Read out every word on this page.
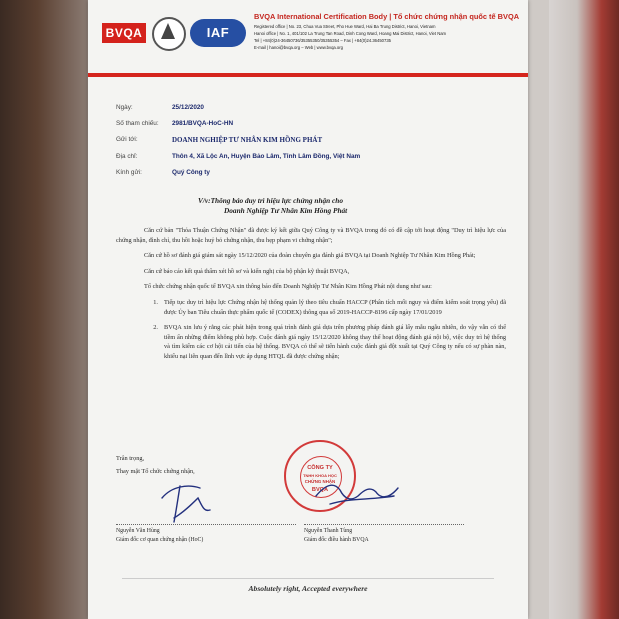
BVQA	IAF
BVQA International Certification Body | Tổ chức chứng nhận quốc tế BVQA
Registered office | No. 23, Chua Vua Street, Pho Hue Ward, Hai Ba Trung District, Hanoi, Vietnam
Hanoi office | No. 1, 401/102 La Trung Tan Road, Dinh Cong Ward, Hoang Mai District, Hanoi, Viet Nam
Tel | +84(0)24-36450736/35355350/35355354 – Fax | +84(0)24.36450735
E-mail | hanoi@bvqa.org – Web | www.bvqa.org
Ngày:	25/12/2020
Số tham chiếu:	2981/BVQA-HoC-HN
Gửi tới:	DOANH NGHIỆP TƯ NHÂN KIM HỒNG PHÁT
Địa chỉ:	Thôn 4, Xã Lộc An, Huyện Bảo Lâm, Tỉnh Lâm Đồng, Việt Nam
Kính gửi:	Quý Công ty
V/v:Thông báo duy trì hiệu lực chứng nhận cho
Doanh Nghiệp Tư Nhân Kim Hồng Phát

Căn cứ bản "Thỏa Thuận Chứng Nhận" đã được ký kết giữa Quý Công ty và BVQA trong đó có đề cập tới hoạt động "Duy trì hiệu lực của chứng nhận, đình chỉ, thu hồi hoặc huỷ bỏ chứng nhận, thu hẹp phạm vi chứng nhận";

Căn cứ hồ sơ đánh giá giám sát ngày 15/12/2020 của đoàn chuyên gia đánh giá BVQA tại Doanh Nghiệp Tư Nhân Kim Hồng Phát;

Căn cứ báo cáo kết quả thẩm xét hồ sơ và kiến nghị của bộ phận kỹ thuật BVQA,

Tổ chức chứng nhận quốc tế BVQA xin thông báo đến Doanh Nghiệp Tư Nhân Kim Hồng Phát nội dung như sau:

1. Tiếp tục duy trì hiệu lực Chứng nhận hệ thống quản lý theo tiêu chuẩn HACCP (Phân tích mối nguy và điểm kiểm soát trọng yếu) đã được Ủy ban Tiêu chuẩn thực phẩm quốc tế (CODEX) thông qua số 2019-HACCP-8196 cấp ngày 17/01/2019
2. BVQA xin lưu ý rằng các phát hiện trong quá trình đánh giá dựa trên phương pháp đánh giá lấy mẫu ngẫu nhiên, do vậy vẫn có thể tiềm ẩn những điểm không phù hợp. Cuộc đánh giá ngày 15/12/2020 không thay thế hoạt động đánh giá nội bộ, việc duy trì hệ thống và tìm kiếm các cơ hội cải tiến của hệ thống. BVQA có thể sẽ tiến hành cuộc đánh giá đột xuất tại Quý Công ty nếu có sự phàn nàn, khiếu nại liên quan đến lĩnh vực áp dụng HTQL đã được chứng nhận;
Trân trọng,
Thay mặt Tổ chức chứng nhận,	CÔNG TY
TNHH KHOA HỌC
CHỨNG NHẬN
BVQA
Nguyễn Văn Hùng
Giám đốc cơ quan chứng nhận (HoC)
Nguyễn Thanh Tùng
Giám đốc điều hành BVQA
Absolutely right, Accepted everywhere
